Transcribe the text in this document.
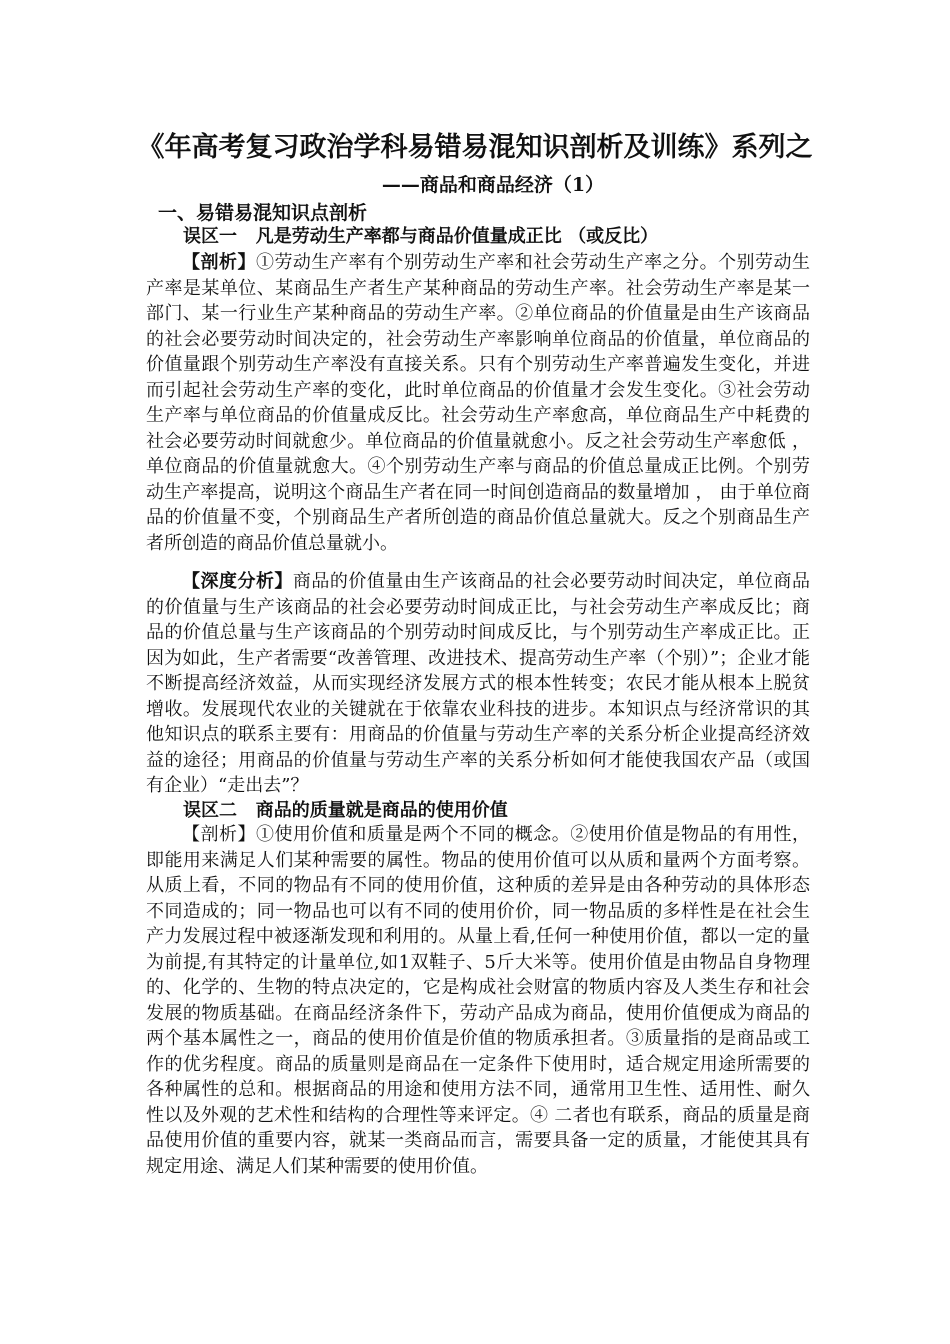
《年高考复习政治学科易错易混知识剖析及训练》系列之
——商品和商品经济（1）
一、易错易混知识点剖析
误区一   凡是劳动生产率都与商品价值量成正比 （或反比）

【剖析】①劳动生产率有个别劳动生产率和社会劳动生产率之分。个别劳动生产率是某单位、某商品生产者生产某种商品的劳动生产率。社会劳动生产率是某一部门、某一行业生产某种商品的劳动生产率。②单位商品的价值量是由生产该商品的社会必要劳动时间决定的，社会劳动生产率影响单位商品的价值量，单位商品的价值量跟个别劳动生产率没有直接关系。只有个别劳动生产率普遍发生变化，并进而引起社会劳动生产率的变化，此时单位商品的价值量才会发生变化。③社会劳动生产率与单位商品的价值量成反比。社会劳动生产率愈高，单位商品生产中耗费的社会必要劳动时间就愈少。单位商品的价值量就愈小。反之社会劳动生产率愈低 ，单位商品的价值量就愈大。④个别劳动生产率与商品的价值总量成正比例。个别劳动生产率提高，说明这个商品生产者在同一时间创造商品的数量增加 ， 由于单位商品的价值量不变，个别商品生产者所创造的商品价值总量就大。反之个别商品生产者所创造的商品价值总量就小。

【深度分析】商品的价值量由生产该商品的社会必要劳动时间决定，单位商品的价值量与生产该商品的社会必要劳动时间成正比，与社会劳动生产率成反比；商品的价值总量与生产该商品的个别劳动时间成反比，与个别劳动生产率成正比。正因为如此，生产者需要“改善管理、改进技术、提高劳动生产率（个别）”；企业才能不断提高经济效益，从而实现经济发展方式的根本性转变；农民才能从根本上脱贫增收。发展现代农业的关键就在于依靠农业科技的进步。本知识点与经济常识的其他知识点的联系主要有：用商品的价值量与劳动生产率的关系分析企业提高经济效益的途径；用商品的价值量与劳动生产率的关系分析如何才能使我国农产品（或国有企业）“走出去”？

误区二   商品的质量就是商品的使用价值

【剖析】①使用价值和质量是两个不同的概念。②使用价值是物品的有用性，即能用来满足人们某种需要的属性。物品的使用价值可以从质和量两个方面考察。从质上看，不同的物品有不同的使用价值，这种质的差异是由各种劳动的具体形态不同造成的；同一物品也可以有不同的使用价价，同一物品质的多样性是在社会生产力发展过程中被逐渐发现和利用的。从量上看,任何一种使用价值，都以一定的量为前提,有其特定的计量单位,如1双鞋子、5斤大米等。使用价值是由物品自身物理的、化学的、生物的特点决定的，它是构成社会财富的物质内容及人类生存和社会发展的物质基础。在商品经济条件下，劳动产品成为商品，使用价值便成为商品的两个基本属性之一，商品的使用价值是价值的物质承担者。③质量指的是商品或工作的优劣程度。商品的质量则是商品在一定条件下使用时，适合规定用途所需要的各种属性的总和。根据商品的用途和使用方法不同，通常用卫生性、适用性、耐久性以及外观的艺术性和结构的合理性等来评定。④ 二者也有联系，商品的质量是商品使用价值的重要内容，就某一类商品而言，需要具备一定的质量，才能使其具有规定用途、满足人们某种需要的使用价值。
